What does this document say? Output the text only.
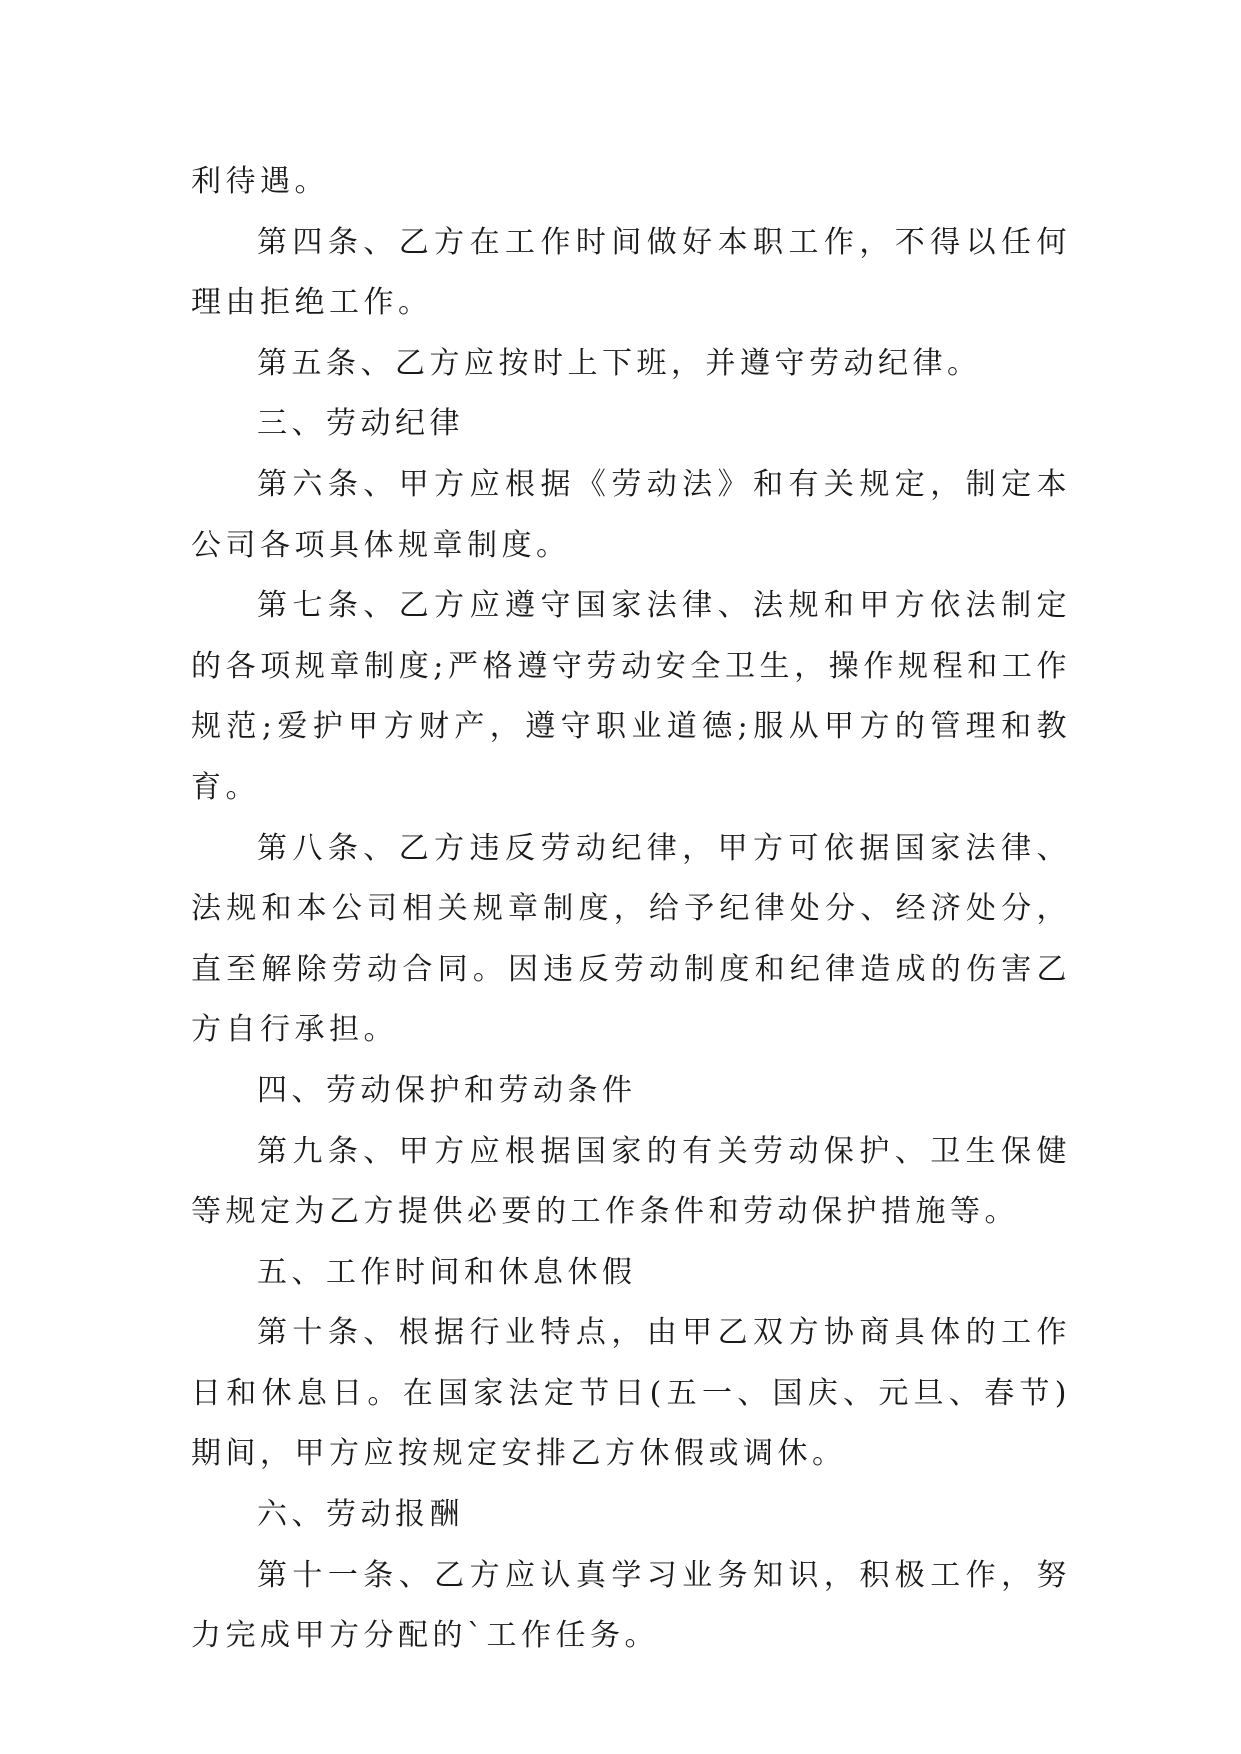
利待遇。

第四条、乙方在工作时间做好本职工作，不得以任何理由拒绝工作。

第五条、乙方应按时上下班，并遵守劳动纪律。

三、劳动纪律

第六条、甲方应根据《劳动法》和有关规定，制定本公司各项具体规章制度。

第七条、乙方应遵守国家法律、法规和甲方依法制定的各项规章制度;严格遵守劳动安全卫生，操作规程和工作规范;爱护甲方财产，遵守职业道德;服从甲方的管理和教育。

第八条、乙方违反劳动纪律，甲方可依据国家法律、法规和本公司相关规章制度，给予纪律处分、经济处分，直至解除劳动合同。因违反劳动制度和纪律造成的伤害乙方自行承担。

四、劳动保护和劳动条件

第九条、甲方应根据国家的有关劳动保护、卫生保健等规定为乙方提供必要的工作条件和劳动保护措施等。

五、工作时间和休息休假

第十条、根据行业特点，由甲乙双方协商具体的工作日和休息日。在国家法定节日(五一、国庆、元旦、春节)期间，甲方应按规定安排乙方休假或调休。

六、劳动报酬

第十一条、乙方应认真学习业务知识，积极工作，努力完成甲方分配的`工作任务。
